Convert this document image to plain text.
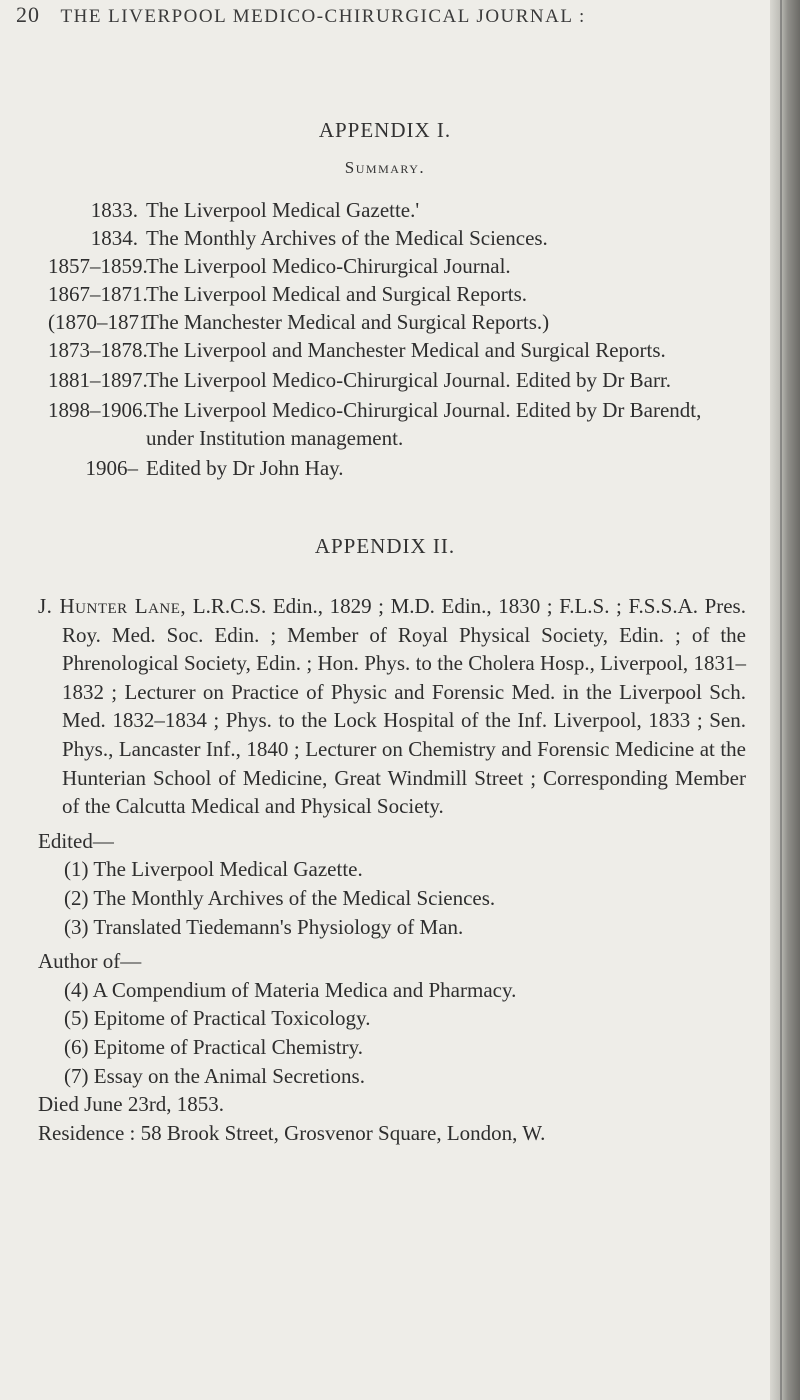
20 THE LIVERPOOL MEDICO-CHIRURGICAL JOURNAL :
APPENDIX I.
Summary.
1833. The Liverpool Medical Gazette.'
1834. The Monthly Archives of the Medical Sciences.
1857–1859.
The Liverpool Medico-Chirurgical Journal.
1867–1871.
The Liverpool Medical and Surgical Reports.
(1870–1871.
The Manchester Medical and Surgical Reports.)
1873–1878.
The Liverpool and Manchester Medical and Surgical Reports.
1881–1897.
The Liverpool Medico-Chirurgical Journal. Edited by Dr Barr.
1898–1906.
The Liverpool Medico-Chirurgical Journal. Edited by Dr Barendt, under Institution management.
1906– Edited by Dr John Hay.
APPENDIX II.

J. Hunter Lane, L.R.C.S. Edin., 1829 ; M.D. Edin., 1830 ; F.L.S. ; F.S.S.A. Pres. Roy. Med. Soc. Edin. ; Member of Royal Physical Society, Edin. ; of the Phrenological Society, Edin. ; Hon. Phys. to the Cholera Hosp., Liverpool, 1831–1832 ; Lecturer on Practice of Physic and Forensic Med. in the Liverpool Sch. Med. 1832–1834 ; Phys. to the Lock Hospital of the Inf. Liverpool, 1833 ; Sen. Phys., Lancaster Inf., 1840 ; Lecturer on Chemistry and Forensic Medicine at the Hunterian School of Medicine, Great Windmill Street ; Corresponding Member of the Calcutta Medical and Physical Society.

Edited—
(1) The Liverpool Medical Gazette.
(2) The Monthly Archives of the Medical Sciences.
(3) Translated Tiedemann's Physiology of Man.
Author of—
(4) A Compendium of Materia Medica and Pharmacy.
(5) Epitome of Practical Toxicology.
(6) Epitome of Practical Chemistry.
(7) Essay on the Animal Secretions.
Died June 23rd, 1853.
Residence : 58 Brook Street, Grosvenor Square, London, W.
